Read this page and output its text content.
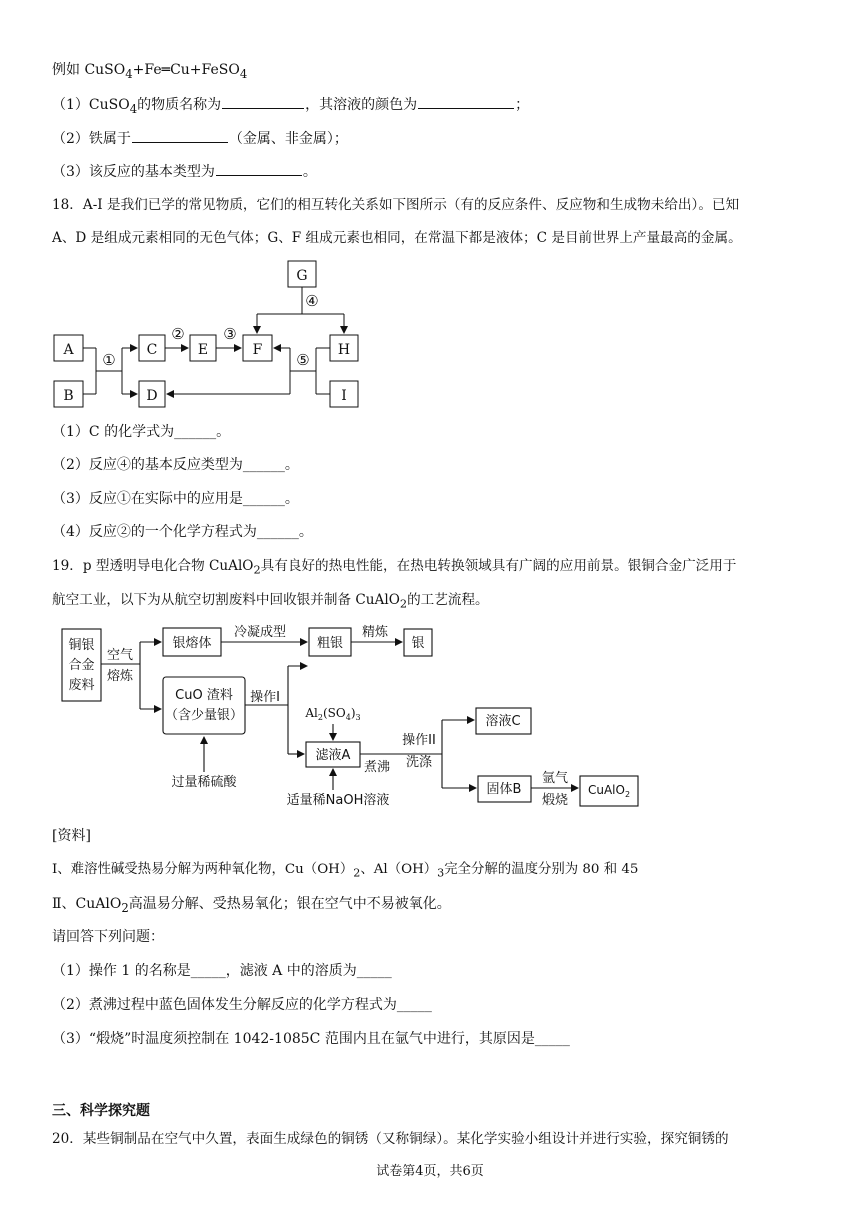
例如 CuSO$_4$+Fe═Cu+FeSO$_4$
（1）CuSO$_4$的物质名称为	，其溶液的颜色为	；
（2）铁属于	（金属、非金属）；
（3）该反应的基本类型为	。
18．A-I 是我们已学的常见物质，它们的相互转化关系如下图所示（有的反应条件、反应物和生成物未给出）。已知
A、D 是组成元素相同的无色气体；G、F 组成元素也相同，在常温下都是液体；C 是目前世界上产量最高的金属。
A
B
C
D
E	F
G
H
I
①
②	③
④
⑤
（1）C 的化学式为______。
（2）反应④的基本反应类型为______。
（3）反应①在实际中的应用是______。
（4）反应②的一个化学方程式为______。
19．p 型透明导电化合物 CuAlO$_2$具有良好的热电性能，在热电转换领域具有广阔的应用前景。银铜合金广泛用于
航空工业，以下为从航空切割废料中回收银并制备 CuAlO$_2$的工艺流程。
铜银
合金
废料
空气
熔炼
银熔体
冷凝成型
粗银
精炼
银
CuO 渣料
（含少量银）
操作I
过量稀硫酸
$Al_2(SO_4)_3$
滤液A
煮沸
适量稀NaOH溶液
操作II
洗涤
溶液C
固体B
氩气
煅烧
CuAlO$_2$
[资料]
I、难溶性碱受热易分解为两种氧化物，$Cu(OH)_2$、$Al(OH)_3$完全分解的温度分别为 80 和 45
Ⅱ、CuAlO$_2$高温易分解、受热易氧化；银在空气中不易被氧化。
请回答下列问题：
（1）操作 1 的名称是_____，滤液 A 中的溶质为_____
（2）煮沸过程中蓝色固体发生分解反应的化学方程式为_____
（3）“煅烧”时温度须控制在 1042-1085C 范围内且在氩气中进行，其原因是_____
三、科学探究题
20．某些铜制品在空气中久置，表面生成绿色的铜锈（又称铜绿）。某化学实验小组设计并进行实验，探究铜锈的
试卷第4页，共6页
